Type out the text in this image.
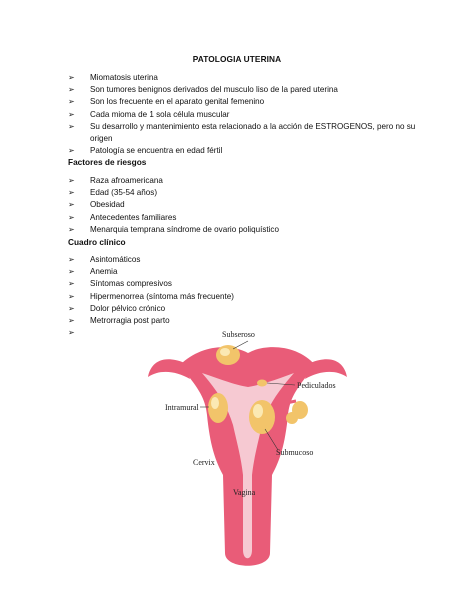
PATOLOGIA UTERINA
➢ Miomatosis uterina
➢ Son tumores benignos derivados del musculo liso de la pared uterina
➢ Son los frecuente en el aparato genital femenino
➢ Cada mioma de 1 sola célula muscular
➢ Su desarrollo y mantenimiento esta relacionado a la acción de ESTROGENOS, pero no su origen
➢ Patología se encuentra en edad fértil
Factores de riesgos
➢ Raza afroamericana
➢ Edad (35-54 años)
➢ Obesidad
➢ Antecedentes familiares
➢ Menarquia temprana síndrome de ovario poliquístico
Cuadro clínico
➢ Asintomáticos
➢ Anemia
➢ Síntomas compresivos
➢ Hipermenorrea (síntoma más frecuente)
➢ Dolor pélvico crónico
➢ Metrorragia post parto
➢	Subseroso
Pediculados
Intramural
Submucoso
Cervix
Vagina
